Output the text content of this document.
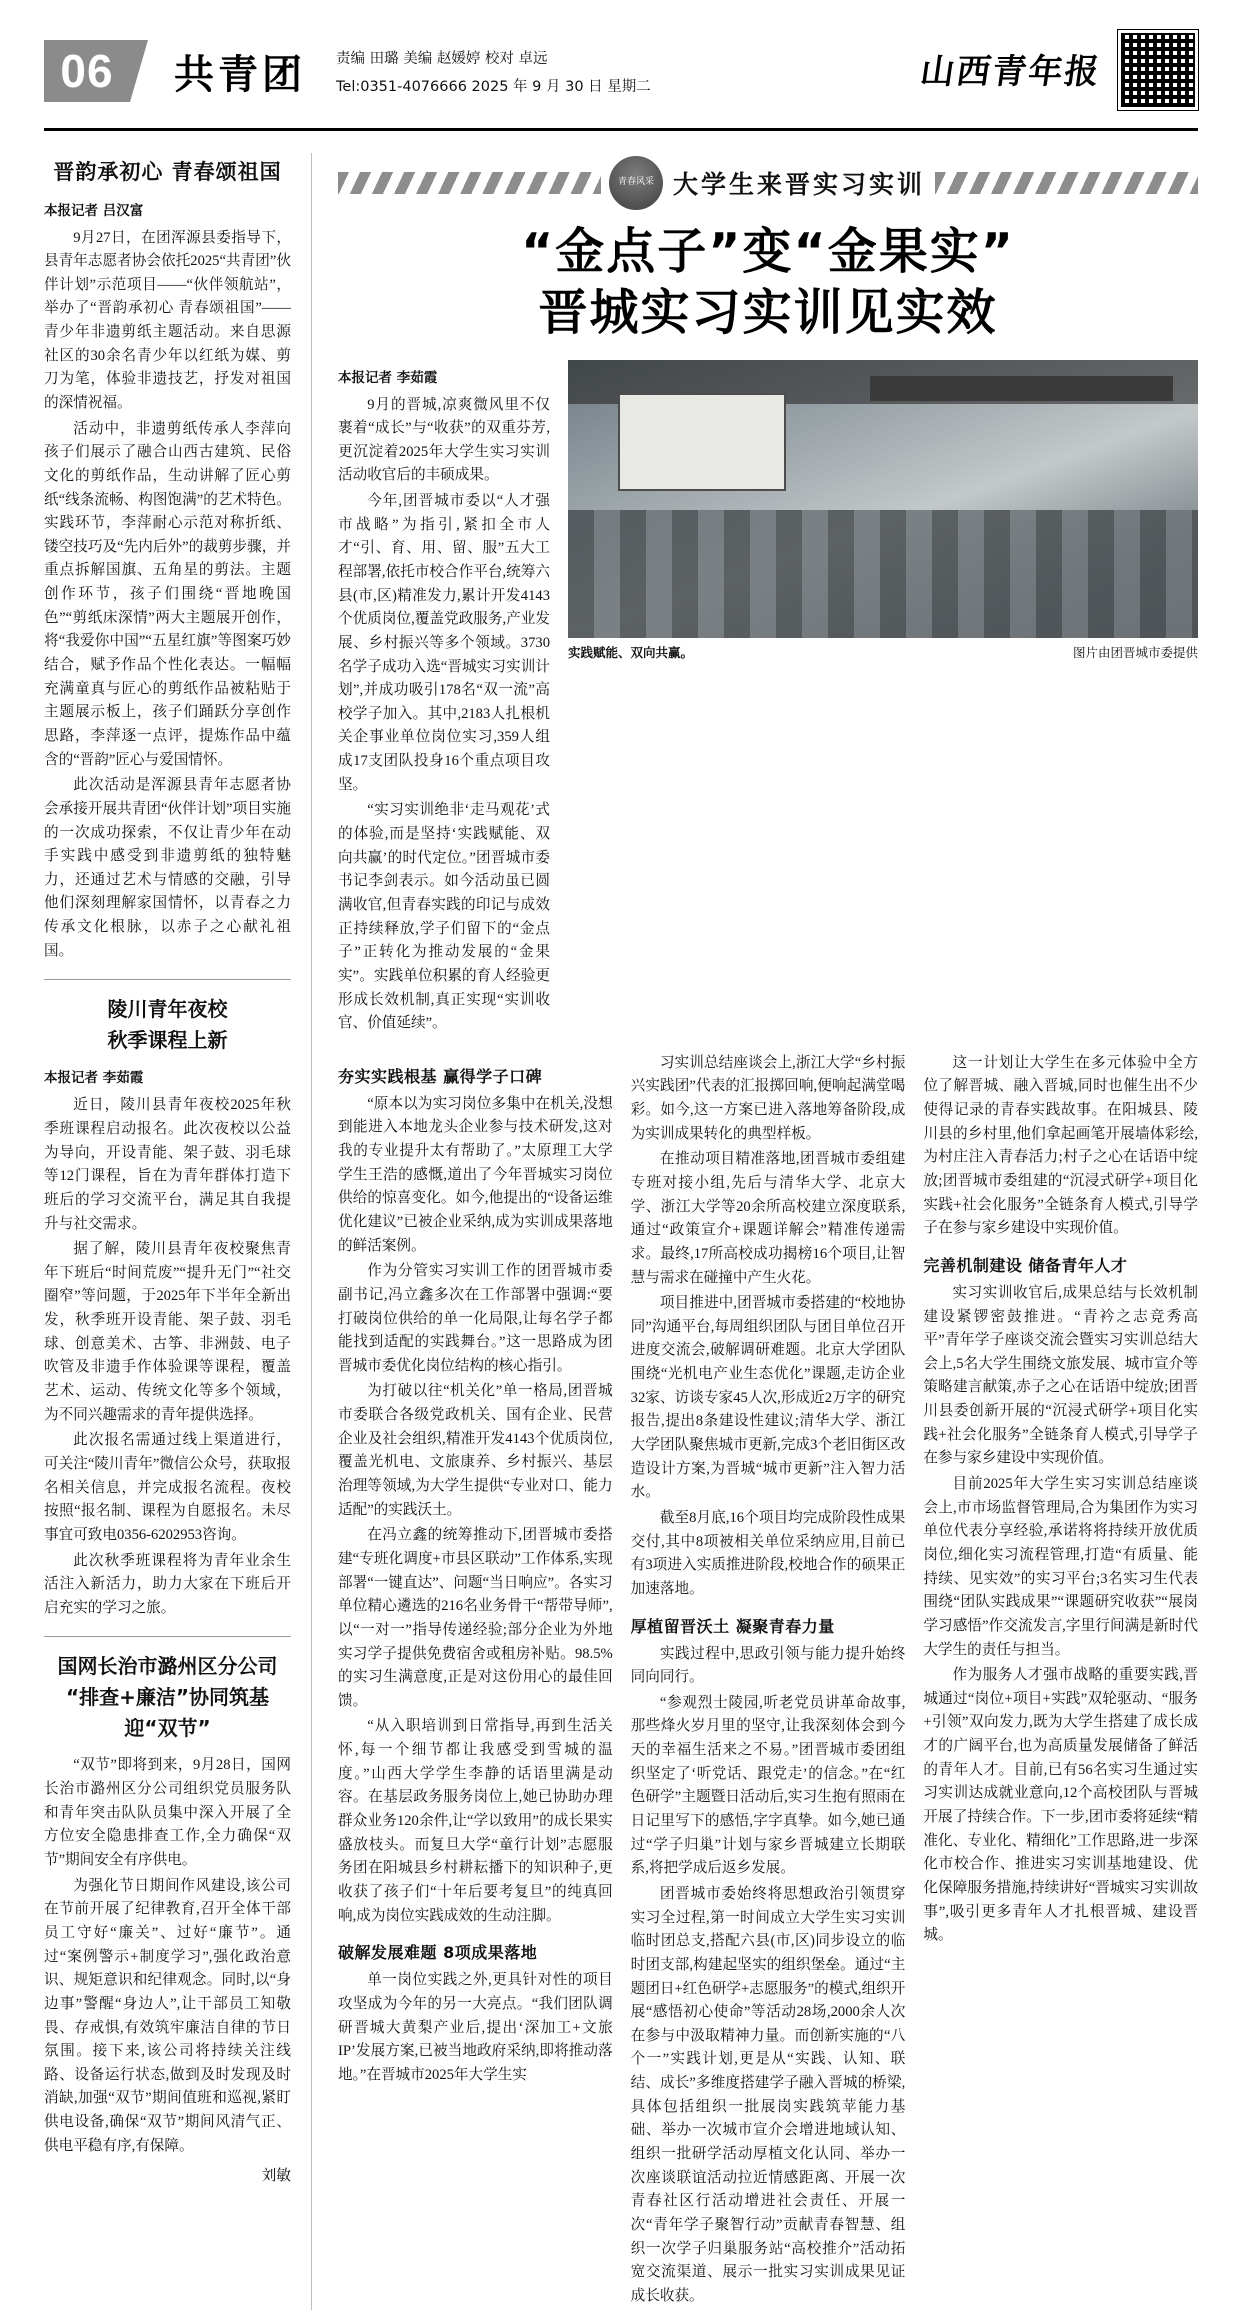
06	共青团 责编 田璐 美编 赵媛婷 校对 卓远
Tel:0351-4076666 2025 年 9 月 30 日 星期二	山西青年报
晋韵承初心 青春颂祖国
本报记者 吕汉富

9月27日，在团浑源县委指导下，县青年志愿者协会依托2025“共青团”伙伴计划”示范项目——“伙伴领航站”，举办了“晋韵承初心 青春颂祖国”——青少年非遗剪纸主题活动。来自思源社区的30余名青少年以红纸为媒、剪刀为笔，体验非遗技艺，抒发对祖国的深情祝福。

活动中，非遗剪纸传承人李萍向孩子们展示了融合山西古建筑、民俗文化的剪纸作品，生动讲解了匠心剪纸“线条流畅、构图饱满”的艺术特色。实践环节，李萍耐心示范对称折纸、镂空技巧及“先内后外”的裁剪步骤，并重点拆解国旗、五角星的剪法。主题创作环节，孩子们围绕“晋地晚国色”“剪纸床深情”两大主题展开创作，将“我爱你中国”“五星红旗”等图案巧妙结合，赋予作品个性化表达。一幅幅充满童真与匠心的剪纸作品被粘贴于主题展示板上，孩子们踊跃分享创作思路，李萍逐一点评，提炼作品中蕴含的“晋韵”匠心与爱国情怀。

此次活动是浑源县青年志愿者协会承接开展共青团“伙伴计划”项目实施的一次成功探索，不仅让青少年在动手实践中感受到非遗剪纸的独特魅力，还通过艺术与情感的交融，引导他们深刻理解家国情怀，以青春之力传承文化根脉，以赤子之心献礼祖国。

陵川青年夜校
秋季课程上新
本报记者 李茹霞

近日，陵川县青年夜校2025年秋季班课程启动报名。此次夜校以公益为导向，开设青能、架子鼓、羽毛球等12门课程，旨在为青年群体打造下班后的学习交流平台，满足其自我提升与社交需求。

据了解，陵川县青年夜校聚焦青年下班后“时间荒废”“提升无门”“社交圈窄”等问题，于2025年下半年全新出发，秋季班开设青能、架子鼓、羽毛球、创意美术、古筝、非洲鼓、电子吹管及非遗手作体验课等课程，覆盖艺术、运动、传统文化等多个领域，为不同兴趣需求的青年提供选择。

此次报名需通过线上渠道进行，可关注“陵川青年”微信公众号，获取报名相关信息，并完成报名流程。夜校按照“报名制、课程为自愿报名。未尽事宜可致电0356-6202953咨询。

此次秋季班课程将为青年业余生活注入新活力，助力大家在下班后开启充实的学习之旅。

国网长治市潞州区分公司
“排查+廉洁”协同筑基迎“双节”

“双节”即将到来，9月28日，国网长治市潞州区分公司组织党员服务队和青年突击队队员集中深入开展了全方位安全隐患排查工作,全力确保“双节”期间安全有序供电。

为强化节日期间作风建设,该公司在节前开展了纪律教育,召开全体干部员工守好“廉关”、过好“廉节”。通过“案例警示+制度学习”,强化政治意识、规矩意识和纪律观念。同时,以“身边事”警醒“身边人”,让干部员工知敬畏、存戒惧,有效筑牢廉洁自律的节日氛围。接下来,该公司将持续关注线路、设备运行状态,做到及时发现及时消缺,加强“双节”期间值班和巡视,紧盯供电设备,确保“双节”期间风清气正、供电平稳有序,有保障。

刘敏
青春风采 大学生来晋实习实训
“金点子”变“金果实”
晋城实习实训见实效
本报记者 李茹霞

9月的晋城,凉爽微风里不仅裹着“成长”与“收获”的双重芬芳,更沉淀着2025年大学生实习实训活动收官后的丰硕成果。

今年,团晋城市委以“人才强市战略”为指引,紧扣全市人才“引、育、用、留、服”五大工程部署,依托市校合作平台,统筹六县(市,区)精准发力,累计开发4143个优质岗位,覆盖党政服务,产业发展、乡村振兴等多个领域。3730名学子成功入选“晋城实习实训计划”,并成功吸引178名“双一流”高校学子加入。其中,2183人扎根机关企事业单位岗位实习,359人组成17支团队投身16个重点项目攻坚。

“实习实训绝非‘走马观花’式的体验,而是坚持‘实践赋能、双向共赢’的时代定位。”团晋城市委书记李剑表示。如今活动虽已圆满收官,但青春实践的印记与成效正持续释放,学子们留下的“金点子”正转化为推动发展的“金果实”。实践单位积累的育人经验更形成长效机制,真正实现“实训收官、价值延续”。

实践赋能、双向共赢。	图片由团晋城市委提供
夯实实践根基 赢得学子口碑

“原本以为实习岗位多集中在机关,没想到能进入本地龙头企业参与技术研发,这对我的专业提升太有帮助了。”太原理工大学学生王浩的感慨,道出了今年晋城实习岗位供给的惊喜变化。如今,他提出的“设备运维优化建议”已被企业采纳,成为实训成果落地的鲜活案例。

作为分管实习实训工作的团晋城市委副书记,冯立鑫多次在工作部署中强调:“要打破岗位供给的单一化局限,让每名学子都能找到适配的实践舞台。”这一思路成为团晋城市委优化岗位结构的核心指引。

为打破以往“机关化”单一格局,团晋城市委联合各级党政机关、国有企业、民营企业及社会组织,精准开发4143个优质岗位,覆盖光机电、文旅康养、乡村振兴、基层治理等领域,为大学生提供“专业对口、能力适配”的实践沃土。

在冯立鑫的统筹推动下,团晋城市委搭建“专班化调度+市县区联动”工作体系,实现部署“一键直达”、问题“当日响应”。各实习单位精心遴选的216名业务骨干“帮带导师”,以“一对一”指导传递经验;部分企业为外地实习学子提供免费宿舍或租房补贴。98.5%的实习生满意度,正是对这份用心的最佳回馈。

“从入职培训到日常指导,再到生活关怀,每一个细节都让我感受到雪城的温度。”山西大学学生李静的话语里满是动容。在基层政务服务岗位上,她已协助办理群众业务120余件,让“学以致用”的成长果实盛放枝头。而复旦大学“童行计划”志愿服务团在阳城县乡村耕耘播下的知识种子,更收获了孩子们“十年后要考复旦”的纯真回响,成为岗位实践成效的生动注脚。

破解发展难题 8项成果落地

单一岗位实践之外,更具针对性的项目攻坚成为今年的另一大亮点。“我们团队调研晋城大黄梨产业后,提出‘深加工+文旅IP’发展方案,已被当地政府采纳,即将推动落地。”在晋城市2025年大学生实

习实训总结座谈会上,浙江大学“乡村振兴实践团”代表的汇报掷回响,便响起满堂喝彩。如今,这一方案已进入落地筹备阶段,成为实训成果转化的典型样板。

在推动项目精准落地,团晋城市委组建专班对接小组,先后与清华大学、北京大学、浙江大学等20余所高校建立深度联系,通过“政策宣介+课题详解会”精准传递需求。最终,17所高校成功揭榜16个项目,让智慧与需求在碰撞中产生火花。

项目推进中,团晋城市委搭建的“校地协同”沟通平台,每周组织团队与团目单位召开进度交流会,破解调研难题。北京大学团队围绕“光机电产业生态优化”课题,走访企业32家、访谈专家45人次,形成近2万字的研究报告,提出8条建设性建议;清华大学、浙江大学团队聚焦城市更新,完成3个老旧街区改造设计方案,为晋城“城市更新”注入智力活水。

截至8月底,16个项目均完成阶段性成果交付,其中8项被相关单位采纳应用,目前已有3项进入实质推进阶段,校地合作的硕果正加速落地。

厚植留晋沃土 凝聚青春力量

实践过程中,思政引领与能力提升始终同向同行。

“参观烈士陵园,听老党员讲革命故事,那些烽火岁月里的坚守,让我深刻体会到今天的幸福生活来之不易。”团晋城市委团组织坚定了‘听党话、跟党走’的信念。”在“红色研学”主题暨日活动后,实习生抱有照雨在日记里写下的感悟,字字真挚。如今,她已通过“学子归巢”计划与家乡晋城建立长期联系,将把学成后返乡发展。

团晋城市委始终将思想政治引领贯穿实习全过程,第一时间成立大学生实习实训临时团总支,搭配六县(市,区)同步设立的临时团支部,构建起坚实的组织堡垒。通过“主题团日+红色研学+志愿服务”的模式,组织开展“感悟初心使命”等活动28场,2000余人次在参与中汲取精神力量。而创新实施的“八个一”实践计划,更是从“实践、认知、联结、成长”多维度搭建学子融入晋城的桥梁,具体包括组织一批展岗实践筑苹能力基础、举办一次城市宣介会增进地域认知、组织一批研学活动厚植文化认同、举办一次座谈联谊活动拉近情感距离、开展一次青春社区行活动增进社会责任、开展一次“青年学子聚智行动”贡献青春智慧、组织一次学子归巢服务站“高校推介”活动拓宽交流渠道、展示一批实习实训成果见证成长收获。

这一计划让大学生在多元体验中全方位了解晋城、融入晋城,同时也催生出不少使得记录的青春实践故事。在阳城县、陵川县的乡村里,他们拿起画笔开展墙体彩绘,为村庄注入青春活力;村子之心在话语中绽放;团晋城市委组建的“沉浸式研学+项目化实践+社会化服务”全链条育人模式,引导学子在参与家乡建设中实现价值。

完善机制建设 储备青年人才

实习实训收官后,成果总结与长效机制建设紧锣密鼓推进。“青衿之志竞秀高平”青年学子座谈交流会暨实习实训总结大会上,5名大学生围绕文旅发展、城市宣介等策略建言献策,赤子之心在话语中绽放;团晋川县委创新开展的“沉浸式研学+项目化实践+社会化服务”全链条育人模式,引导学子在参与家乡建设中实现价值。

目前2025年大学生实习实训总结座谈会上,市市场监督管理局,合为集团作为实习单位代表分享经验,承诺将将持续开放优质岗位,细化实习流程管理,打造“有质量、能持续、见实效”的实习平台;3名实习生代表围绕“团队实践成果”“课题研究收获”“展岗学习感悟”作交流发言,字里行间满是新时代大学生的责任与担当。

作为服务人才强市战略的重要实践,晋城通过“岗位+项目+实践”双轮驱动、“服务+引领”双向发力,既为大学生搭建了成长成才的广阔平台,也为高质量发展储备了鲜活的青年人才。目前,已有56名实习生通过实习实训达成就业意向,12个高校团队与晋城开展了持续合作。下一步,团市委将延续“精准化、专业化、精细化”工作思路,进一步深化市校合作、推进实习实训基地建设、优化保障服务措施,持续讲好“晋城实习实训故事”,吸引更多青年人才扎根晋城、建设晋城。
